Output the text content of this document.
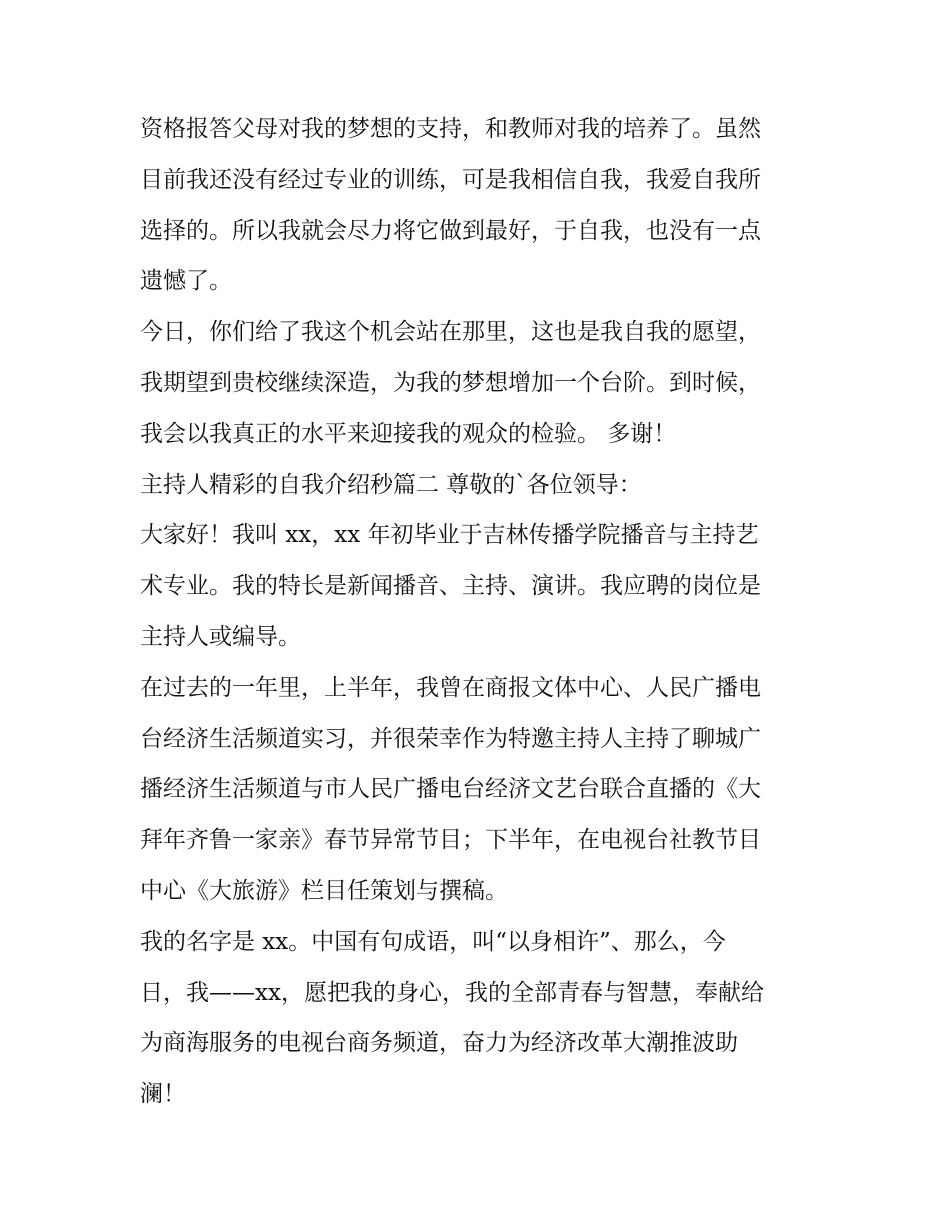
资格报答父母对我的梦想的支持，和教师对我的培养了。虽然
目前我还没有经过专业的训练，可是我相信自我，我爱自我所
选择的。所以我就会尽力将它做到最好，于自我，也没有一点
遗憾了。
今日，你们给了我这个机会站在那里，这也是我自我的愿望，
我期望到贵校继续深造，为我的梦想增加一个台阶。到时候，
我会以我真正的水平来迎接我的观众的检验。 多谢！
主持人精彩的自我介绍秒篇二 尊敬的`各位领导：
大家好！我叫 xx，xx 年初毕业于吉林传播学院播音与主持艺
术专业。我的特长是新闻播音、主持、演讲。我应聘的岗位是
主持人或编导。
在过去的一年里，上半年，我曾在商报文体中心、人民广播电
台经济生活频道实习，并很荣幸作为特邀主持人主持了聊城广
播经济生活频道与市人民广播电台经济文艺台联合直播的《大
拜年齐鲁一家亲》春节异常节目；下半年，在电视台社教节目
中心《大旅游》栏目任策划与撰稿。
我的名字是 xx。中国有句成语，叫“以身相许”、那么，今
日，我——xx，愿把我的身心，我的全部青春与智慧，奉献给
为商海服务的电视台商务频道，奋力为经济改革大潮推波助
澜！
